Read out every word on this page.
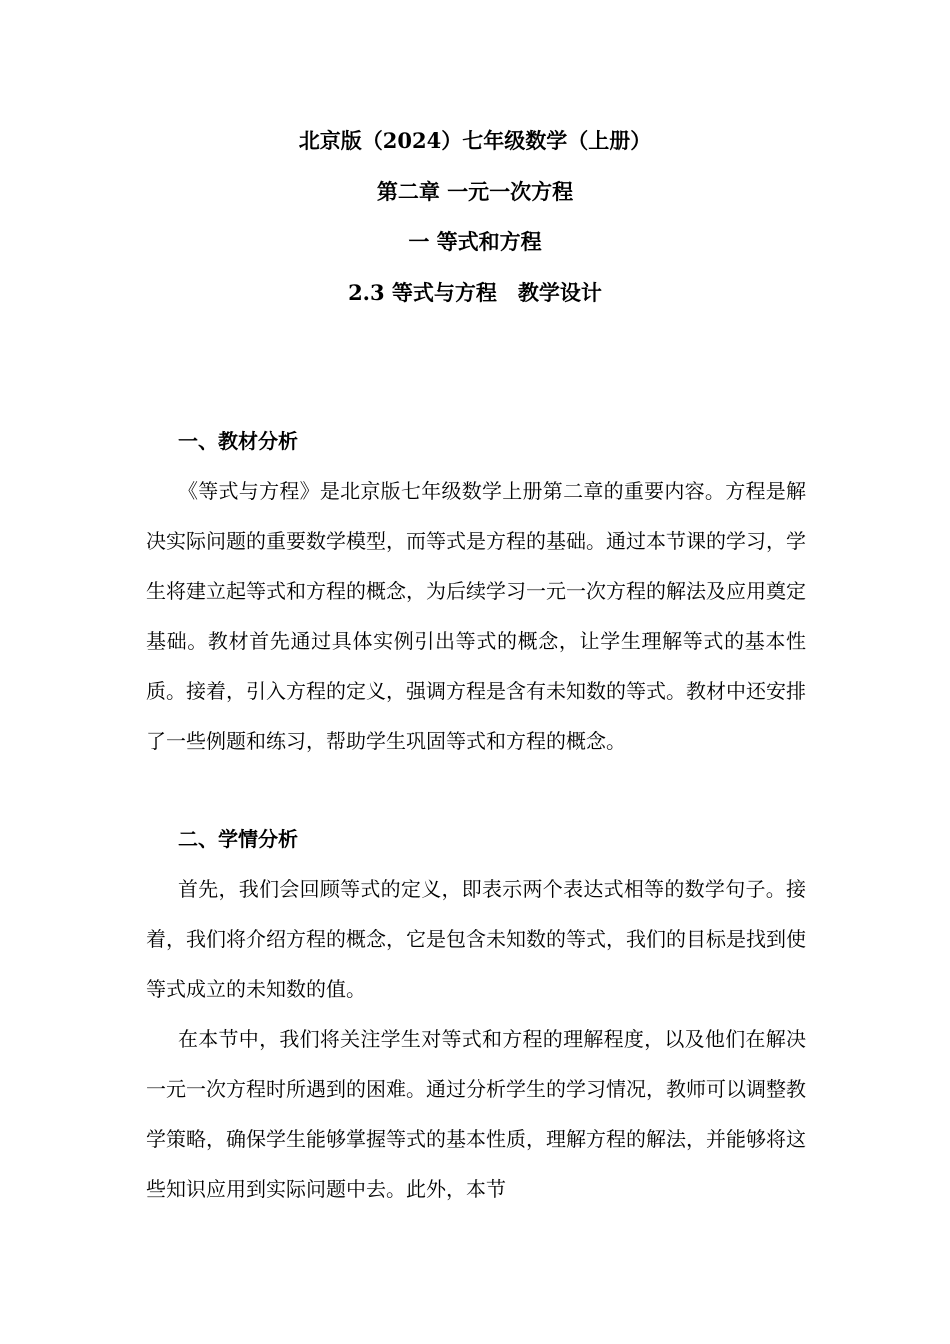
北京版（2024）七年级数学（上册）
第二章 一元一次方程
一 等式和方程
2.3 等式与方程　教学设计
一、教材分析

《等式与方程》是北京版七年级数学上册第二章的重要内容。方程是解决实际问题的重要数学模型，而等式是方程的基础。通过本节课的学习，学生将建立起等式和方程的概念，为后续学习一元一次方程的解法及应用奠定基础。教材首先通过具体实例引出等式的概念，让学生理解等式的基本性质。接着，引入方程的定义，强调方程是含有未知数的等式。教材中还安排了一些例题和练习，帮助学生巩固等式和方程的概念。

二、学情分析

首先，我们会回顾等式的定义，即表示两个表达式相等的数学句子。接着，我们将介绍方程的概念，它是包含未知数的等式，我们的目标是找到使等式成立的未知数的值。

在本节中，我们将关注学生对等式和方程的理解程度，以及他们在解决一元一次方程时所遇到的困难。通过分析学生的学习情况，教师可以调整教学策略，确保学生能够掌握等式的基本性质，理解方程的解法，并能够将这些知识应用到实际问题中去。此外，本节
